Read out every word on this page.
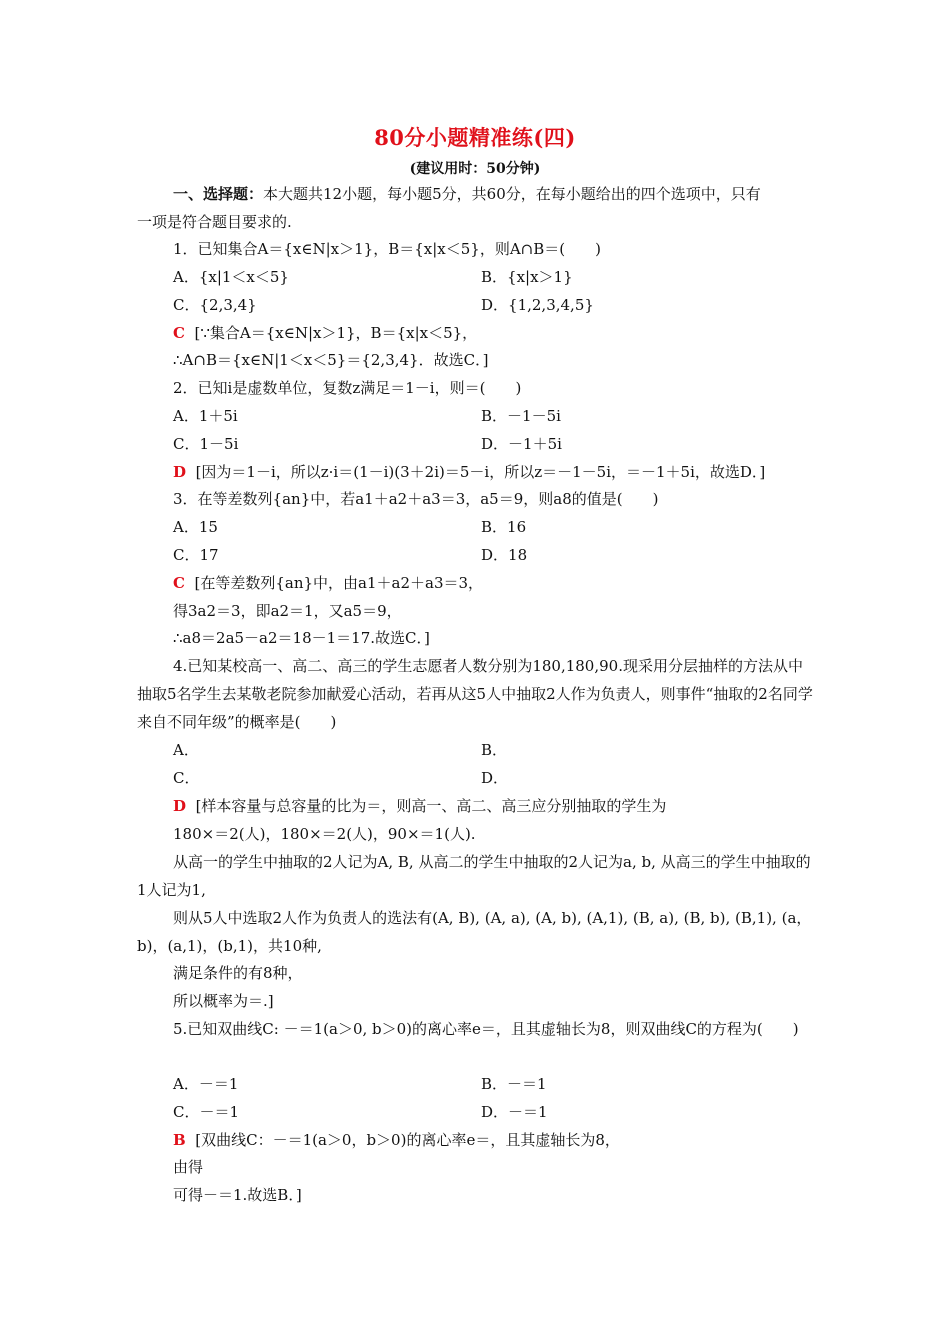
80分小题精准练(四)
(建议用时：50分钟)
一、选择题：本大题共12小题，每小题5分，共60分，在每小题给出的四个选项中，只有
一项是符合题目要求的.
1．已知集合A＝{x∈N|x＞1}，B＝{x|x＜5}，则A∩B＝(　　)
A．{x|1＜x＜5}	B．{x|x＞1}
C．{2,3,4}	D．{1,2,3,4,5}
C [∵集合A＝{x∈N|x＞1}，B＝{x|x＜5}，
∴A∩B＝{x∈N|1＜x＜5}＝{2,3,4}．故选C．]
2．已知i是虚数单位，复数z满足＝1－i，则＝(　　)
A．1＋5i	B．－1－5i
C．1－5i	D．－1＋5i
D [因为＝1－i，所以z·i＝(1－i)(3＋2i)＝5－i，所以z＝－1－5i，＝－1＋5i，故选D．]
3．在等差数列{an}中，若a1＋a2＋a3＝3，a5＝9，则a8的值是(　　)
A．15	B．16
C．17	D．18
C [在等差数列{an}中，由a1＋a2＋a3＝3，
得3a2＝3，即a2＝1，又a5＝9，
∴a8＝2a5－a2＝18－1＝17.故选C．]
4.已知某校高一、高二、高三的学生志愿者人数分别为180,180,90.现采用分层抽样的方法从中抽取5名学生去某敬老院参加献爱心活动，若再从这5人中抽取2人作为负责人，则事件“抽取的2名同学来自不同年级”的概率是(　　)
A．	B．
C．	D．
D [样本容量与总容量的比为＝，则高一、高二、高三应分别抽取的学生为
180×＝2(人)，180×＝2(人)，90×＝1(人).
从高一的学生中抽取的2人记为A, B, 从高二的学生中抽取的2人记为a, b, 从高三的学生中抽取的1人记为1,
则从5人中选取2人作为负责人的选法有(A, B), (A, a), (A, b), (A,1), (B, a), (B, b), (B,1), (a，b)，(a,1)，(b,1)，共10种,
满足条件的有8种，
所以概率为＝.]
5.已知双曲线C: －＝1(a＞0, b＞0)的离心率e＝，且其虚轴长为8，则双曲线C的方程为(　　)
A．－＝1	B．－＝1
C．－＝1	D．－＝1
B [双曲线C：－＝1(a＞0，b＞0)的离心率e＝，且其虚轴长为8，
由得
可得－＝1.故选B．]
